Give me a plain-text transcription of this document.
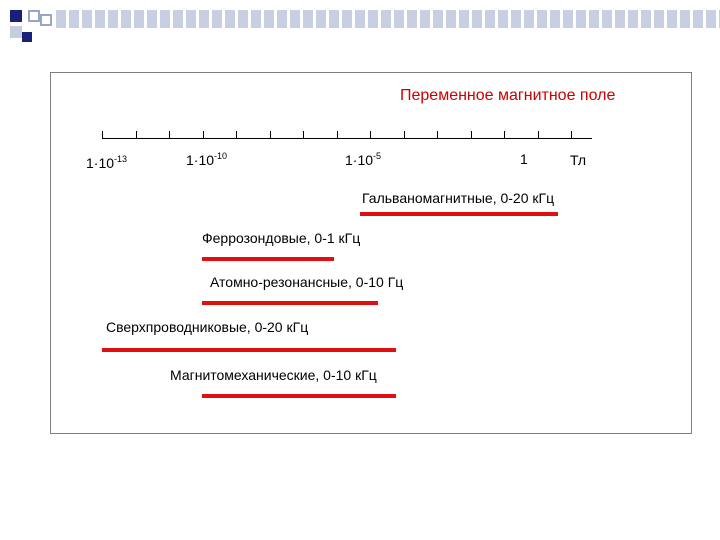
Переменное магнитное поле
$1\cdot 10^{-13}$	$1\cdot 10^{-10}$	$1\cdot 10^{-5}$	1	Тл
Гальваномагнитные, 0-20 кГц
Феррозондовые, 0-1 кГц
Атомно-резонансные, 0-10 Гц
Сверхпроводниковые, 0-20 кГц
Магнитомеханические, 0-10 кГц
